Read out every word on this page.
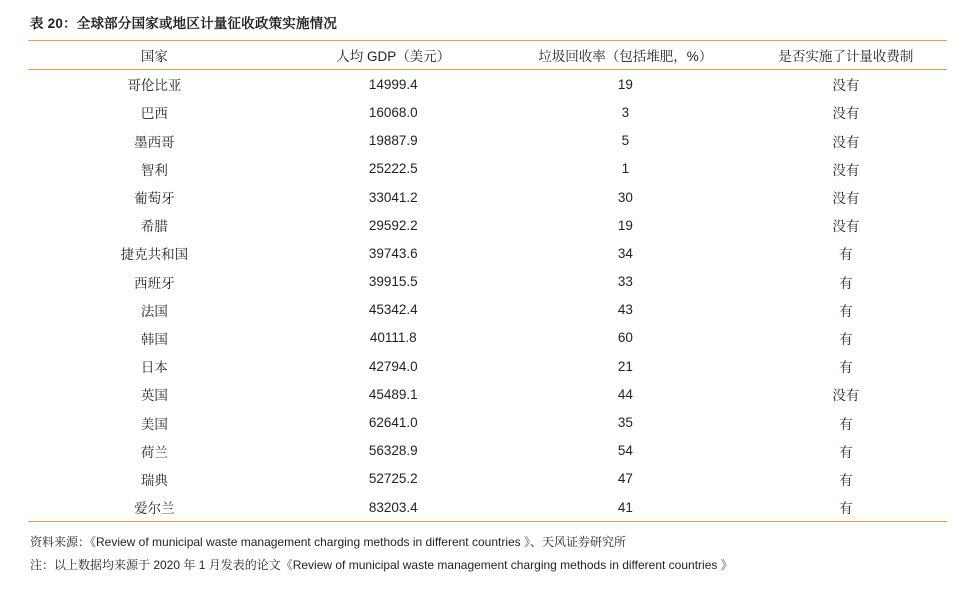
表 20：全球部分国家或地区计量征收政策实施情况
国家	人均 GDP（美元）	垃圾回收率（包括堆肥，%）	是否实施了计量收费制
哥伦比亚	14999.4	19	没有
巴西	16068.0	3	没有
墨西哥	19887.9	5	没有
智利	25222.5	1	没有
葡萄牙	33041.2	30	没有
希腊	29592.2	19	没有
捷克共和国	39743.6	34	有
西班牙	39915.5	33	有
法国	45342.4	43	有
韩国	40111.8	60	有
日本	42794.0	21	有
英国	45489.1	44	没有
美国	62641.0	35	有
荷兰	56328.9	54	有
瑞典	52725.2	47	有
爱尔兰	83203.4	41	有
资料来源：《Review of municipal waste management charging methods in different countries 》、天风证券研究所
注：以上数据均来源于 2020 年 1 月发表的论文《Review of municipal waste management charging methods in different countries 》
